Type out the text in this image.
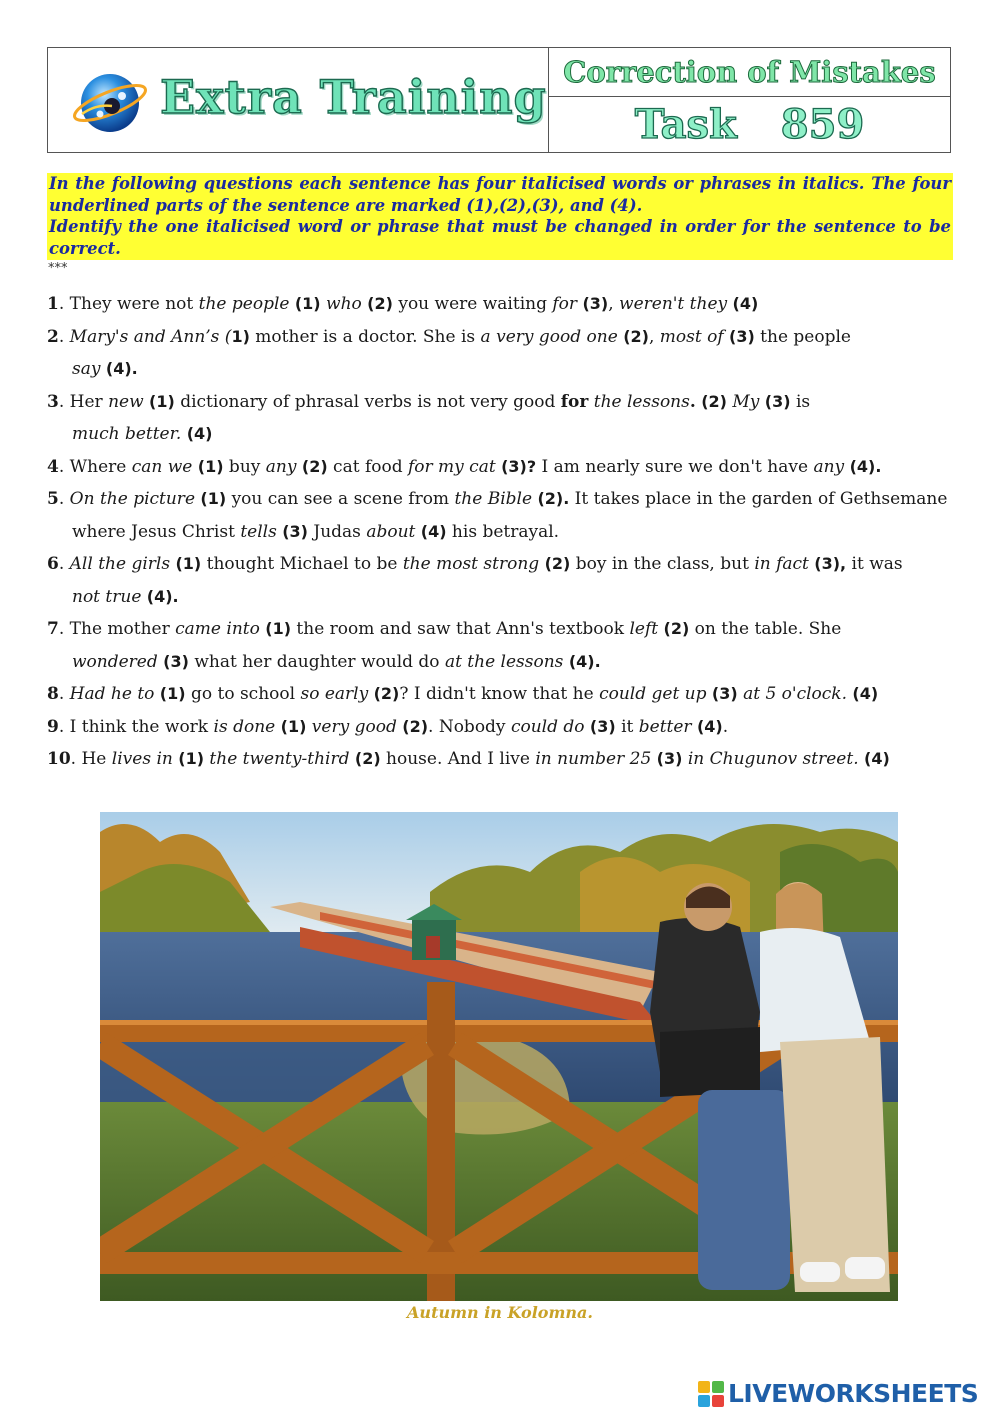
Extra Training Correction of Mistakes
Task 859

In the following questions each sentence has four italicised words or phrases in italics. The four underlined parts of the sentence are marked (1),(2),(3), and (4).

Identify the one italicised word or phrase that must be changed in order for the sentence to be correct.

***
1. They were not the people (1) who (2) you were waiting for (3), weren't they (4)
2. Mary's and Ann’s (1) mother is a doctor. She is a very good one (2), most of (3) the people
say (4).
3. Her new (1) dictionary of phrasal verbs is not very good for the lessons. (2) My (3) is
much better. (4)
4. Where can we (1) buy any (2) cat food for my cat (3)? I am nearly sure we don't have any (4).
5. On the picture (1) you can see a scene from the Bible (2). It takes place in the garden of Gethsemane
where Jesus Christ tells (3) Judas about (4) his betrayal.
6. All the girls (1) thought Michael to be the most strong (2) boy in the class, but in fact (3), it was
not true (4).
7. The mother came into (1) the room and saw that Ann's textbook left (2) on the table. She
wondered (3) what her daughter would do at the lessons (4).
8. Had he to (1) go to school so early (2)? I didn't know that he could get up (3) at 5 o'clock. (4)
9. I think the work is done (1) very good (2). Nobody could do (3) it better (4).
10. He lives in (1) the twenty-third (2) house. And I live in number 25 (3) in Chugunov street. (4)
Autumn in Kolomna.
LIVEWORKSHEETS
